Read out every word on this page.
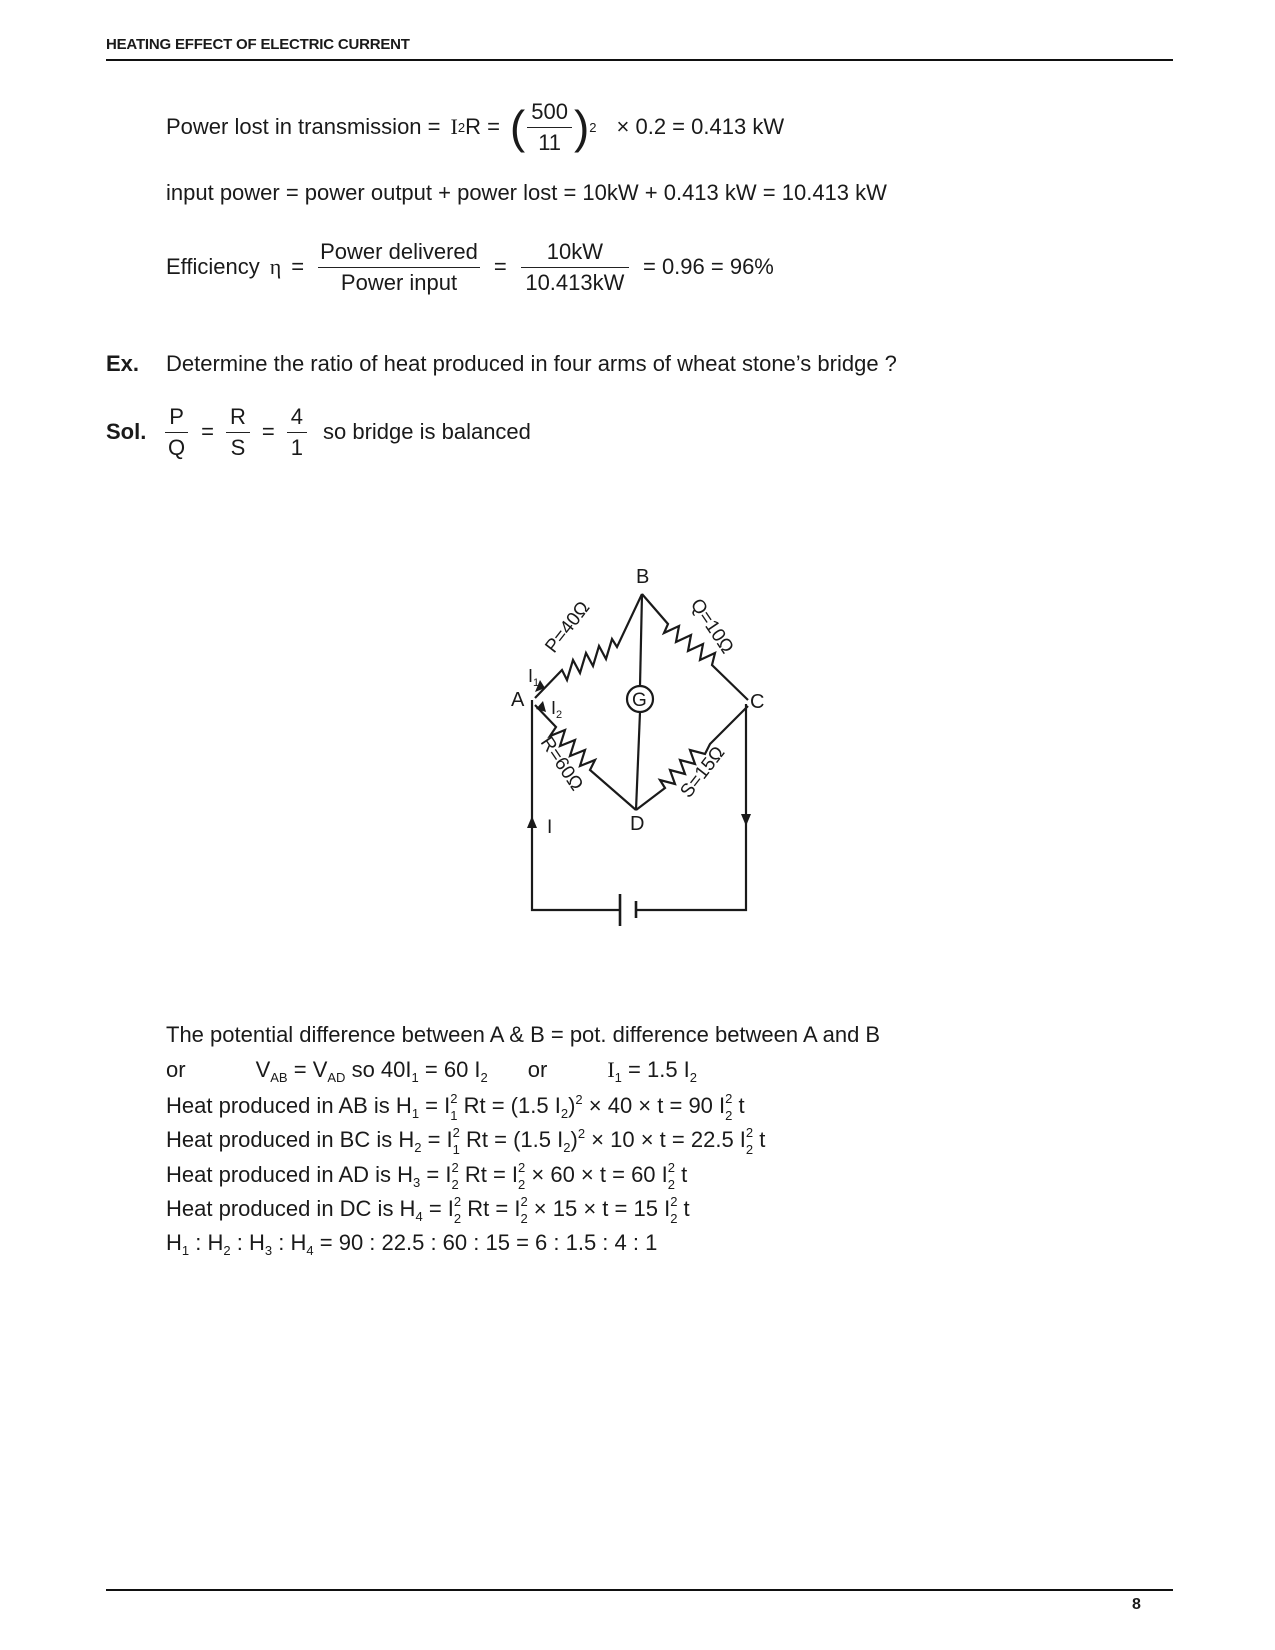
HEATING EFFECT OF ELECTRIC CURRENT
Power lost in transmission = I 2 R = ( $\frac{500}{11}$ ) 2 × 0.2 = 0.413 kW
input power = power output + power lost = 10kW + 0.413 kW = 10.413 kW
Efficiency $\eta = \frac{\text{Power delivered}}{\text{Power input}} = \frac{10kW}{10.413kW} = 0.96 = 96\%$
Ex. Determine the ratio of heat produced in four arms of wheat stone’s bridge ?
Sol. $\frac{P}{Q} = \frac{R}{S} = \frac{4}{1}$ so bridge is balanced
B
A	C
D
G
P=40Ω	Q=10Ω
R=60Ω	S=15Ω
$I_1$
$I_2$
I
The potential difference between A & B = pot. difference between A and B
or	$V_{AB} = V_{AD}$ so $40I_1 = 60$ $I_2$ or	$I_1 = 1.5$ $I_2$
Heat produced in AB is $H_1 = I$ 2
1 Rt = (1.5 $I_2)^2 \times 40 \times t = 90$ I 2
2 t
Heat produced in BC is $H_2 = I$ 2
1 Rt = (1.5 $I_2)^2 \times 10 \times t = 22.5$ I 2
2 t
Heat produced in AD is $H_3 = I$ 2
2 Rt = I 2
2 × 60 × t = 60 I 2
2 t
Heat produced in DC is $H_4 = I$ 2
2 Rt = I 2
2 × 15 × t = 15 I 2
2 t
$H_1$ : $H_2$ : $H_3$ : $H_4 = 90$ : 22.5 : 60 : 15 = 6 : 1.5 : 4 : 1
8
